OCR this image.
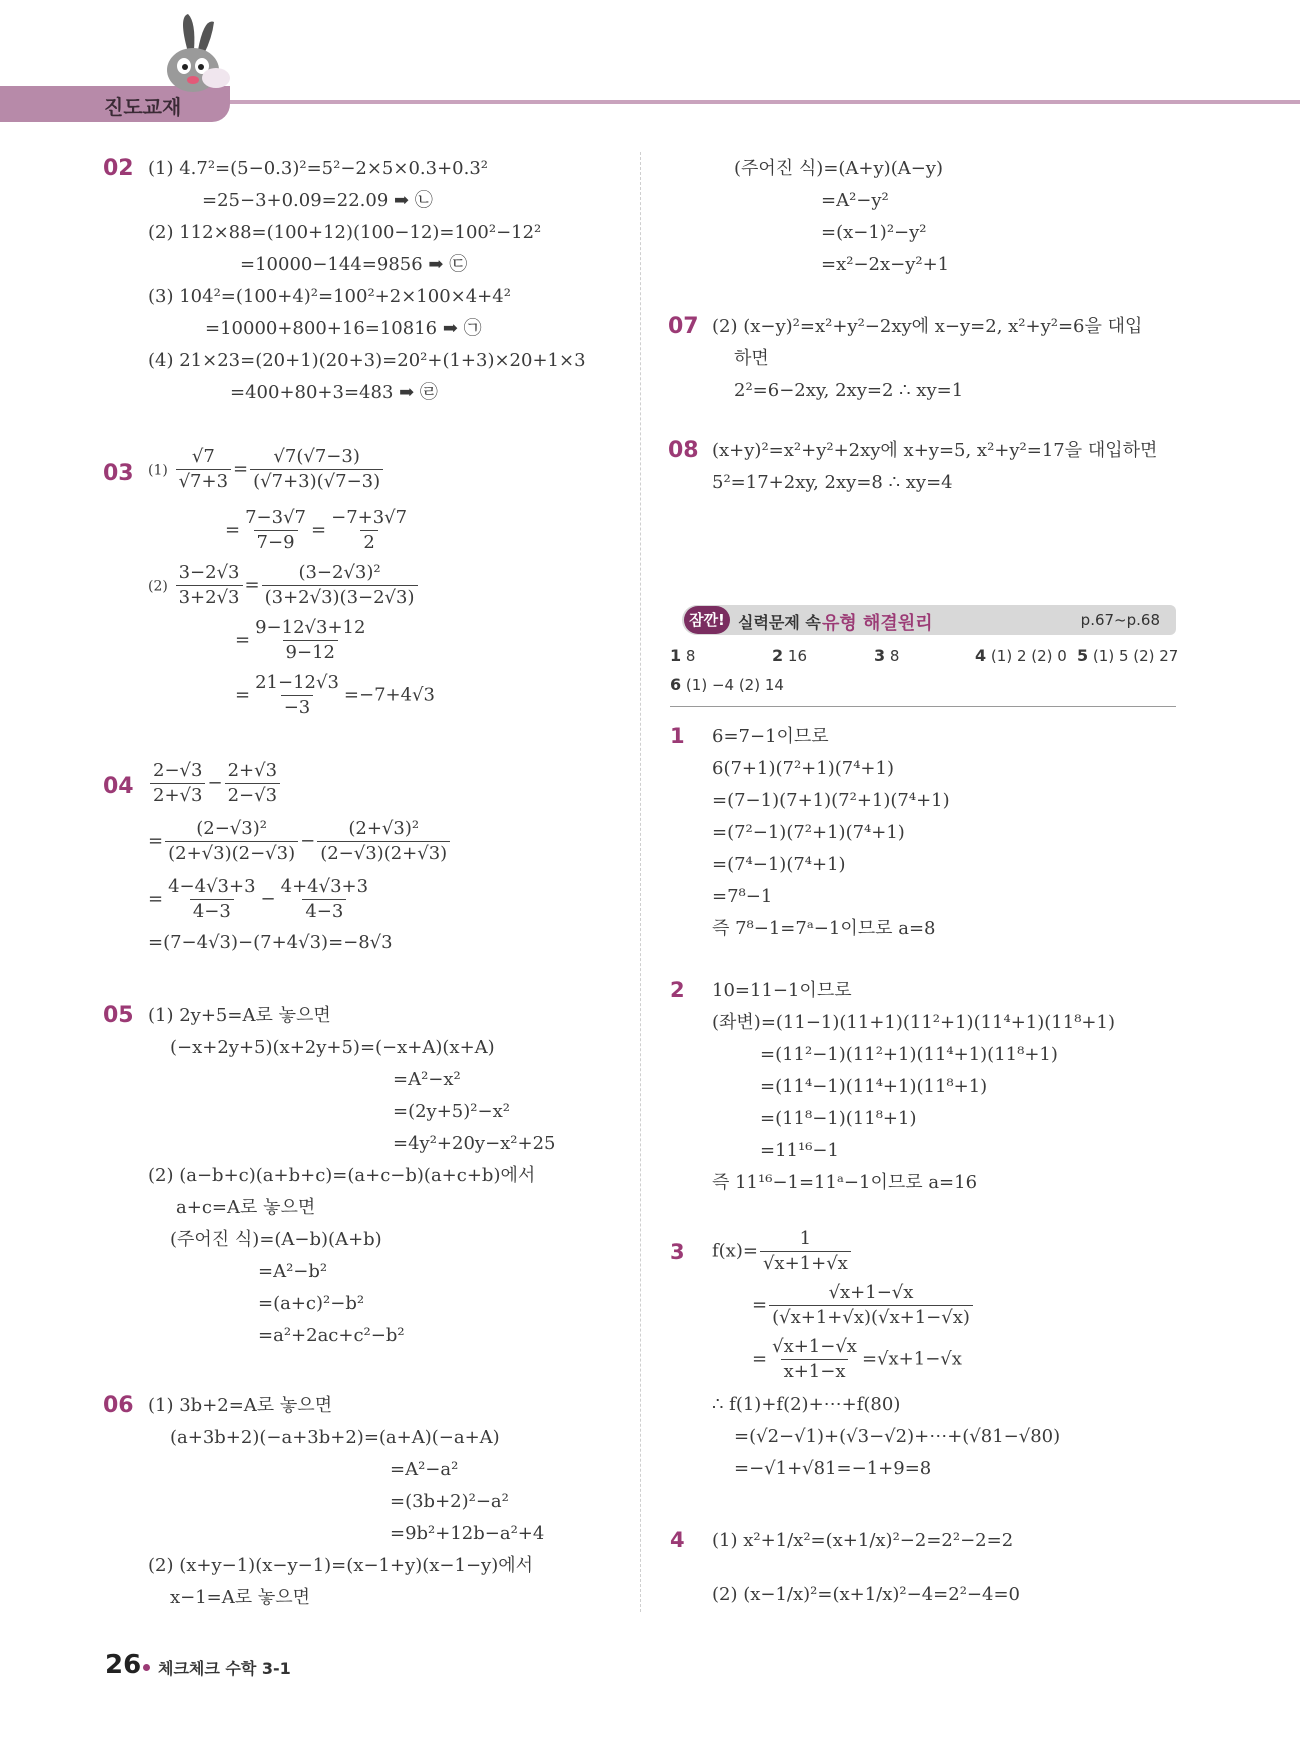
진도교재
02 (1) 4.7²=(5−0.3)²=5²−2×5×0.3+0.3²
=25−3+0.09=22.09 ➡ ㉡
(2) 112×88=(100+12)(100−12)=100²−12²
=10000−144=9856 ➡ ㉢
(3) 104²=(100+4)²=100²+2×100×4+4²
=10000+800+16=10816 ➡ ㉠
(4) 21×23=(20+1)(20+3)=20²+(1+3)×20+1×3
=400+80+3=483 ➡ ㉣
03 $(1) \frac{√7}{√7+3} = \frac{√7(√7-3)}{(√7+3)(√7-3)}$
= $\frac{7-3√7}{7-9} = \frac{-7+3√7}{2}$
$(2) \frac{3-2√3}{3+2√3} = \frac{\text{(3−2√3)²}}{(3+2√3)(3-2√3)}$
= $\frac{9-12√3+12}{9-12}$
= $\frac{21-12√3}{-3} =-7+4√3$
$04 \frac{2-√3}{2+√3} - \frac{2+√3}{2-√3}$
= $\frac{\text{(2−√3)²}}{(2+√3)(2-√3)} - \frac{\text{(2+√3)²}}{(2-√3)(2+√3)}$
= $\frac{4-4√3+3}{4-3} - \frac{4+4√3+3}{4-3}$
=(7−4√3)−(7+4√3)=−8√3
05 (1) 2y+5=A로 놓으면
(−x+2y+5)(x+2y+5)=(−x+A)(x+A)
=A²−x²
=(2y+5)²−x²
=4y²+20y−x²+25
(2) (a−b+c)(a+b+c)=(a+c−b)(a+c+b)에서
a+c=A로 놓으면
(주어진 식)=(A−b)(A+b)
=A²−b²
=(a+c)²−b²
=a²+2ac+c²−b²
06 (1) 3b+2=A로 놓으면
(a+3b+2)(−a+3b+2)=(a+A)(−a+A)
=A²−a²
=(3b+2)²−a²
=9b²+12b−a²+4
(2) (x+y−1)(x−y−1)=(x−1+y)(x−1−y)에서
x−1=A로 놓으면
(주어진 식)=(A+y)(A−y)
=A²−y²
=(x−1)²−y²
=x²−2x−y²+1
07 (2) (x−y)²=x²+y²−2xy에 x−y=2, x²+y²=6을 대입
하면
2²=6−2xy, 2xy=2 ∴ xy=1
08 (x+y)²=x²+y²+2xy에 x+y=5, x²+y²=17을 대입하면
5²=17+2xy, 2xy=8 ∴ xy=4
잠깐! 실력문제 속 유형 해결원리	p.67~p.68
1 8	2 16	3 8	4 (1) 2 (2) 0 5 (1) 5 (2) 27
6 (1) −4 (2) 14
1 6=7−1이므로
6(7+1)(7²+1)(7⁴+1)
=(7−1)(7+1)(7²+1)(7⁴+1)
=(7²−1)(7²+1)(7⁴+1)
=(7⁴−1)(7⁴+1)
=7⁸−1
즉 7⁸−1=7ᵃ−1이므로 a=8
2 10=11−1이므로
(좌변)=(11−1)(11+1)(11²+1)(11⁴+1)(11⁸+1)
=(11²−1)(11²+1)(11⁴+1)(11⁸+1)
=(11⁴−1)(11⁴+1)(11⁸+1)
=(11⁸−1)(11⁸+1)
=11¹⁶−1
즉 11¹⁶−1=11ᵃ−1이므로 a=16
3 $f(x)= \frac{1}{√x+1+√x}$
= $\frac{√x+1-√x}{(√x+1+√x)(√x+1-√x)}$
= $\frac{√x+1-√x}{x+1-x} =√x+1-√x$
∴ f(1)+f(2)+⋯+f(80)
=(√2−√1)+(√3−√2)+⋯+(√81−√80)
=−√1+√81=−1+9=8
4 (1) x²+1/x²=(x+1/x)²−2=2²−2=2
(2) (x−1/x)²=(x+1/x)²−4=2²−4=0
26 체크체크 수학 3-1
